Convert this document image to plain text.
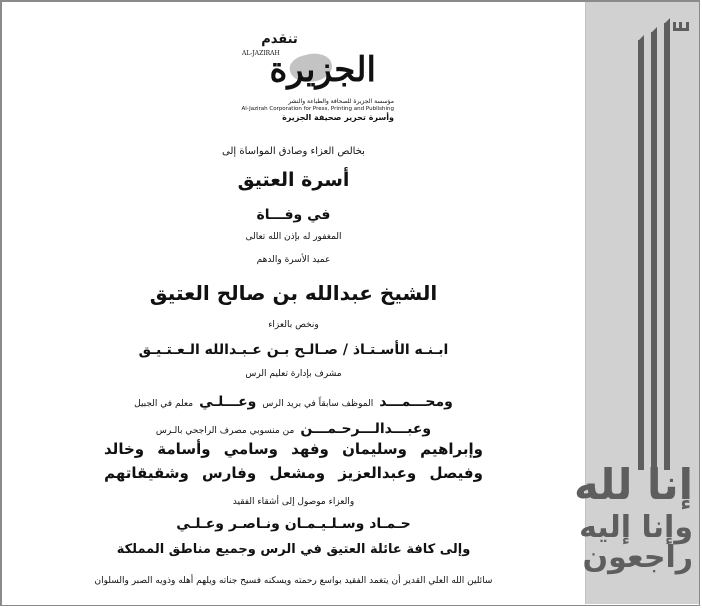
تنقدم
AL-JAZIRAH
الجزيرة
مؤسسة الجزيرة للصحافة والطباعة والنشر
Al-Jazirah Corporation for Press, Printing and Publishing
وأسرة تحرير صحيفة الجزيرة
بخالص العزاء وصادق المواساة إلى
أسرة العتيق
في وفـــاة
المغفور له بإذن الله تعالى
عميد الأسرة والدهم
الشيخ عبدالله بن صالح العتيق
ونخص بالعزاء
ابـنـه الأسـتـاذ / صـالـح بـن عـبـدالله الـعـتـيـق
مشرف بإدارة تعليم الرس
ومحـــمـــد
الموظف سابقاً في بريد الرس
وعـــلـي
معلم في الجبيل
وعبـــدالـــرحـمـــن
من منسوبي مصرف الراجحي بالـرس
وإبراهيم وسليمان وفهد وسامي وأسامة وخالد
وفيصل وعبدالعزيز ومشعل وفارس وشقيقاتهم
والعزاء موصول إلى أشقاء الفقيد
حـمـاد وسـلـيـمـان ونـاصـر وعـلـي
وإلى كافة عائلة العتيق في الرس وجميع مناطق المملكة
سائلين الله العلي القدير أن يتغمد الفقيد بواسع رحمته ويسكنه فسيح جناته ويلهم أهله وذويه الصبر والسلوان
إنا لله
وإنا إليه
راجعون
